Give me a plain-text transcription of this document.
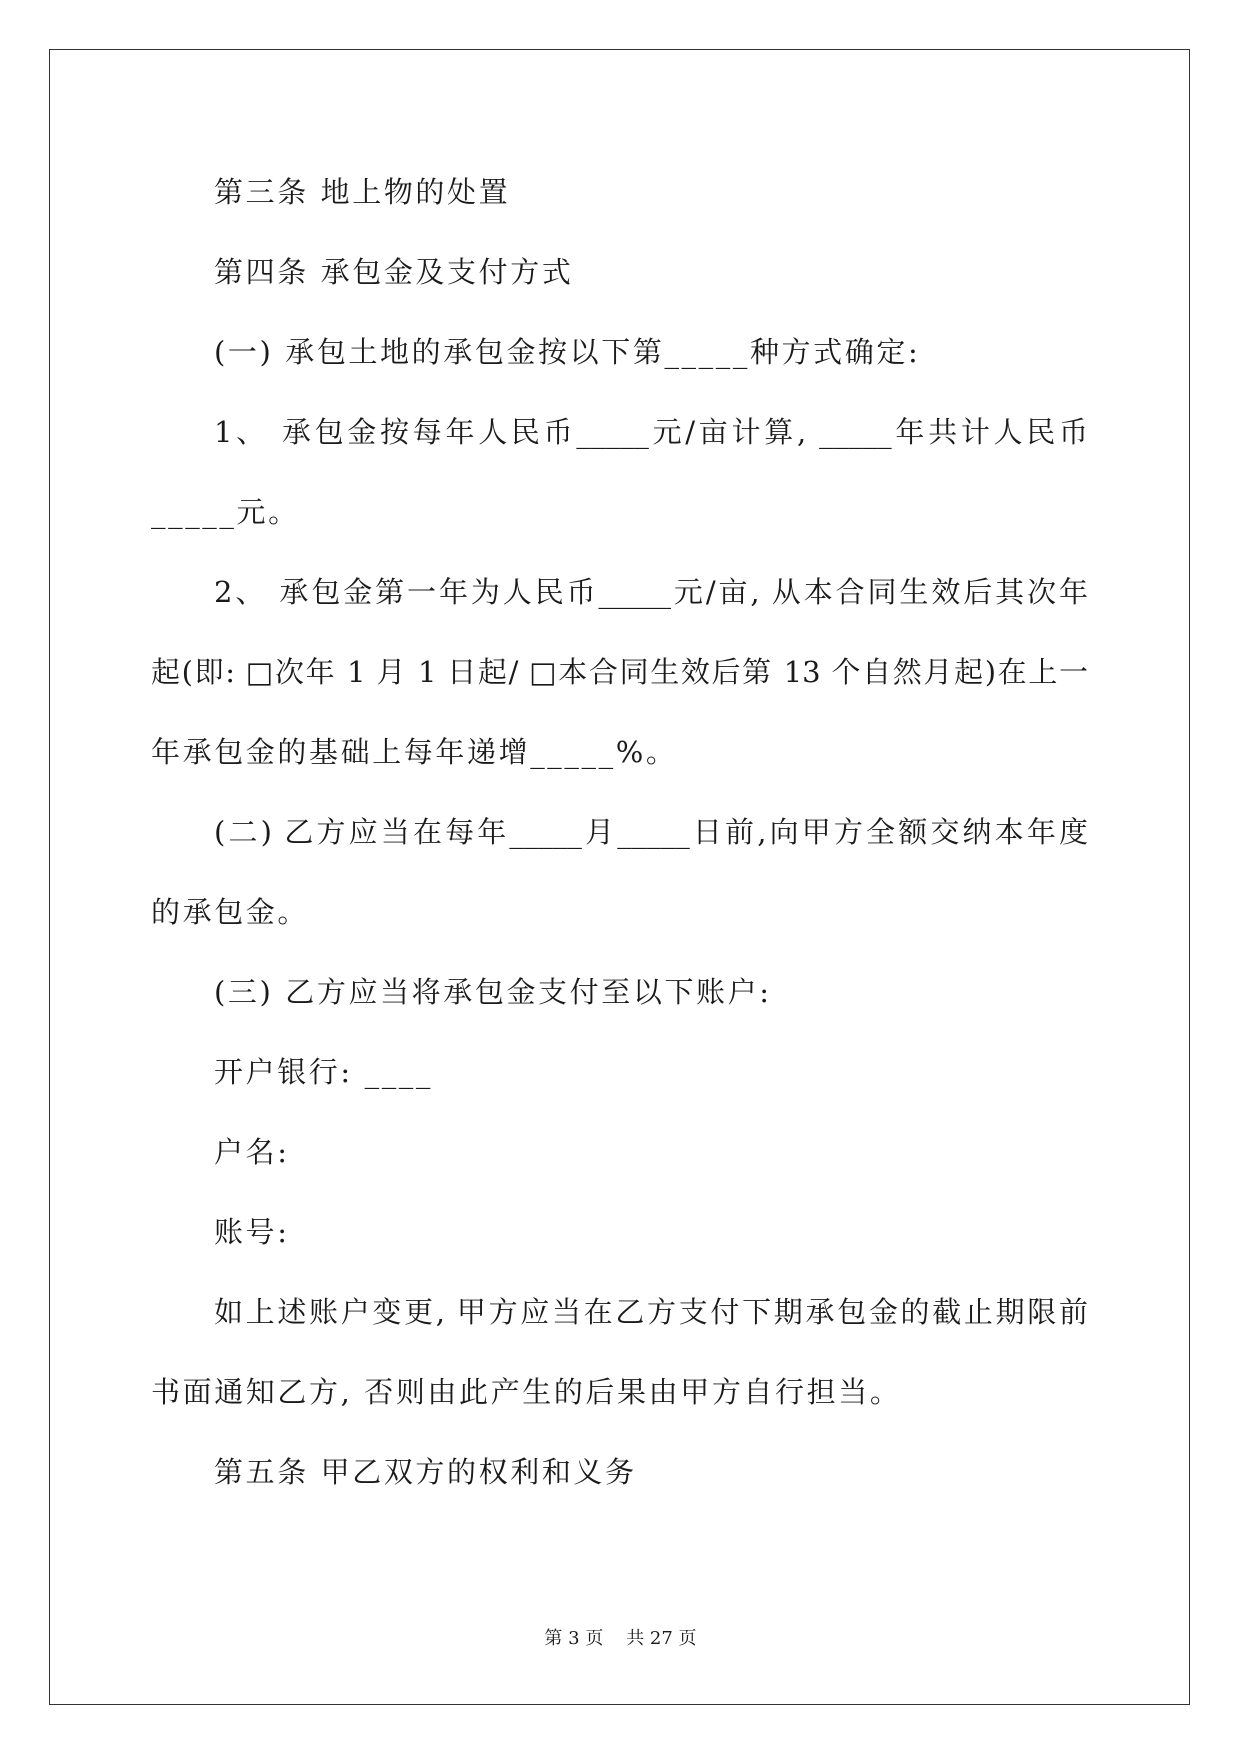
第三条 地上物的处置
第四条 承包金及支付方式
(一) 承包土地的承包金按以下第_____种方式确定:
1、 承包金按每年人民币_____元/亩计算, _____年共计人民币
_____元。
2、 承包金第一年为人民币_____元/亩, 从本合同生效后其次年
起(即: □次年 1 月 1 日起/ □本合同生效后第 13 个自然月起)在上一
年承包金的基础上每年递增_____%。
(二) 乙方应当在每年_____月_____日前,向甲方全额交纳本年度
的承包金。
(三) 乙方应当将承包金支付至以下账户:
开户银行: ____
户名:
账号:
如上述账户变更, 甲方应当在乙方支付下期承包金的截止期限前
书面通知乙方, 否则由此产生的后果由甲方自行担当。
第五条 甲乙双方的权利和义务
第 3 页    共 27 页
